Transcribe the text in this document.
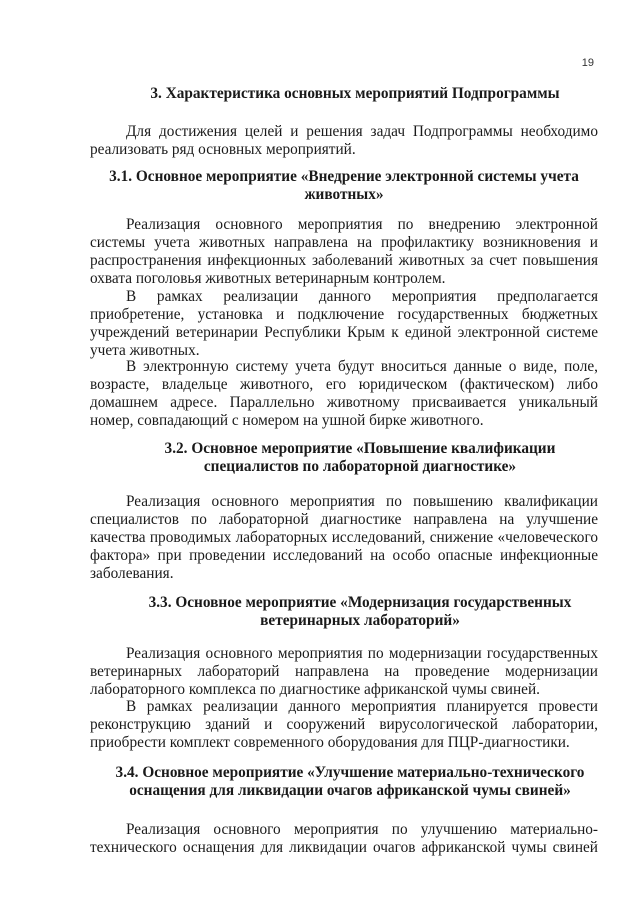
19
3. Характеристика основных мероприятий Подпрограммы
Для достижения целей и решения задач Подпрограммы необходимо
реализовать ряд основных мероприятий.
3.1. Основное мероприятие «Внедрение электронной системы учета
животных»
Реализация основного мероприятия по внедрению электронной
системы учета животных направлена на профилактику возникновения и
распространения инфекционных заболеваний животных за счет повышения
охвата поголовья животных ветеринарным контролем.
В рамках реализации данного мероприятия предполагается
приобретение, установка и подключение государственных бюджетных
учреждений ветеринарии Республики Крым к единой электронной системе
учета животных.
В электронную систему учета будут вноситься данные о виде, поле,
возрасте, владельце животного, его юридическом (фактическом) либо
домашнем адресе. Параллельно животному присваивается уникальный
номер, совпадающий с номером на ушной бирке животного.
3.2. Основное мероприятие «Повышение квалификации
специалистов по лабораторной диагностике»
Реализация основного мероприятия по повышению квалификации
специалистов по лабораторной диагностике направлена на улучшение
качества проводимых лабораторных исследований, снижение «человеческого
фактора» при проведении исследований на особо опасные инфекционные
заболевания.
3.3. Основное мероприятие «Модернизация государственных
ветеринарных лабораторий»
Реализация основного мероприятия по модернизации государственных
ветеринарных лабораторий направлена на проведение модернизации
лабораторного комплекса по диагностике африканской чумы свиней.
В рамках реализации данного мероприятия планируется провести
реконструкцию зданий и сооружений вирусологической лаборатории,
приобрести комплект современного оборудования для ПЦР-диагностики.
3.4. Основное мероприятие «Улучшение материально-технического
оснащения для ликвидации очагов африканской чумы свиней»
Реализация основного мероприятия по улучшению материально-
технического оснащения для ликвидации очагов африканской чумы свиней
